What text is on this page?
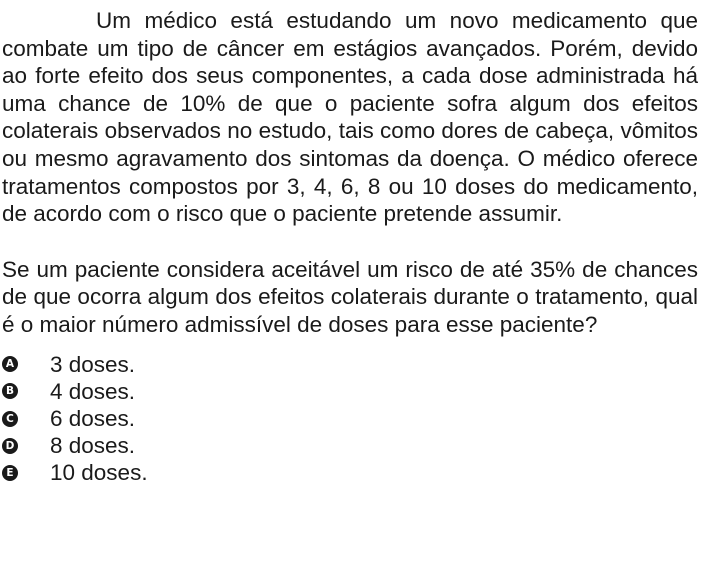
Um médico está estudando um novo medicamento que combate um tipo de câncer em estágios avançados. Porém, devido ao forte efeito dos seus componentes, a cada dose administrada há uma chance de 10% de que o paciente sofra algum dos efeitos colaterais observados no estudo, tais como dores de cabeça, vômitos ou mesmo agravamento dos sintomas da doença. O médico oferece tratamentos compostos por 3, 4, 6, 8 ou 10 doses do medicamento, de acordo com o risco que o paciente pretende assumir.

Se um paciente considera aceitável um risco de até 35% de chances de que ocorra algum dos efeitos colaterais durante o tratamento, qual é o maior número admissível de doses para esse paciente?

A 3 doses.
B 4 doses.
C 6 doses.
D 8 doses.
E 10 doses.
